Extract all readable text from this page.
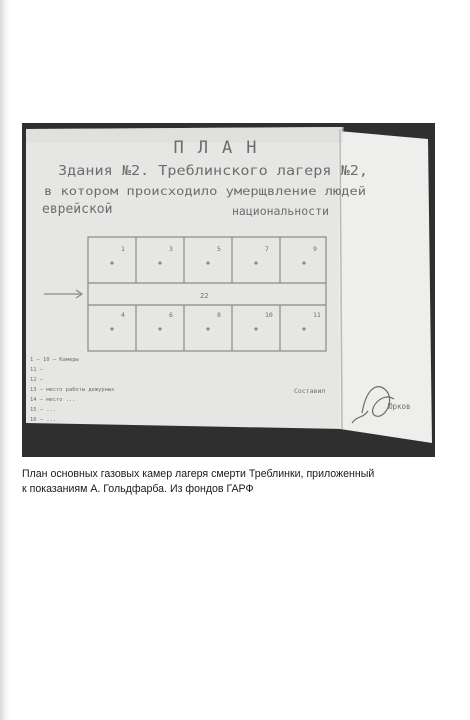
ПЛАН
Здания №2. Треблинского лагеря №2,
в котором происходило умерщвление людей
еврейской	национальности
1	3	5	7	9
4	6	8	10	11
22
1 — 10 — Камеры
11 —
12 —
13 — место работы дежурных
14 — место ...
15 — ...
16 — ...
Составил
Юрков
План основных газовых камер лагеря смерти Треблинки, приложенный
к показаниям А. Гольдфарба. Из фондов ГАРФ
